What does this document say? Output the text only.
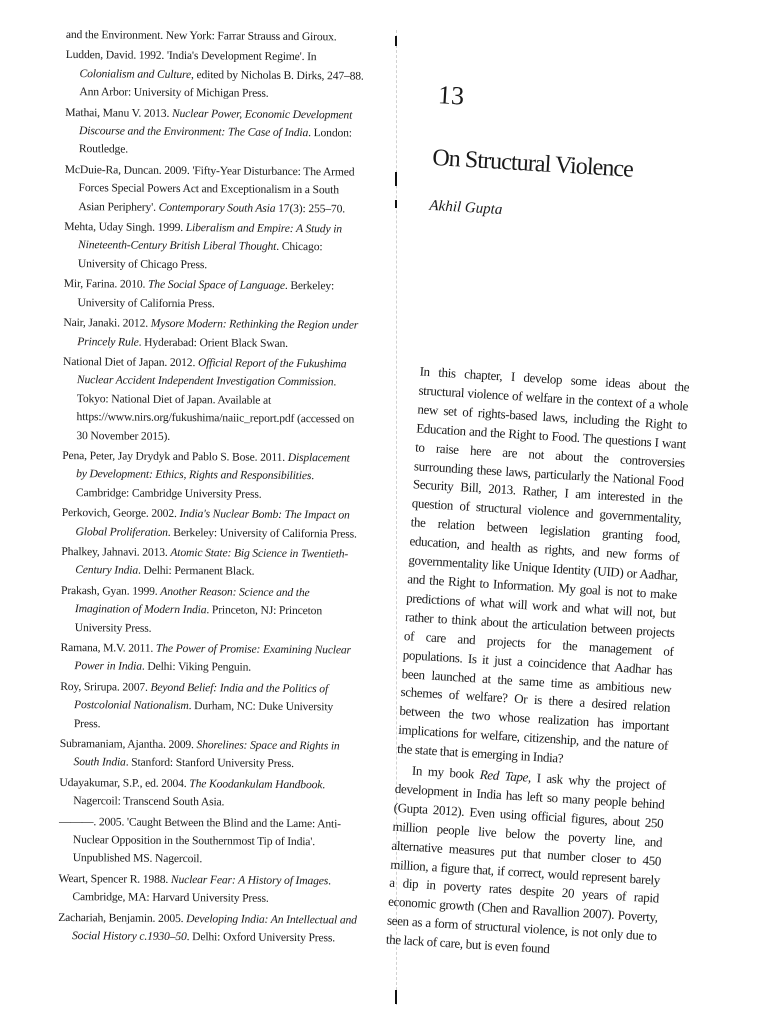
and the Environment. New York: Farrar Strauss and Giroux.

Ludden, David. 1992. 'India's Development Regime'. In Colonialism and Culture, edited by Nicholas B. Dirks, 247–88. Ann Arbor: University of Michigan Press.

Mathai, Manu V. 2013. Nuclear Power, Economic Development Discourse and the Environment: The Case of India. London: Routledge.

McDuie-Ra, Duncan. 2009. 'Fifty-Year Disturbance: The Armed Forces Special Powers Act and Exceptionalism in a South Asian Periphery'. Contemporary South Asia 17(3): 255–70.

Mehta, Uday Singh. 1999. Liberalism and Empire: A Study in Nineteenth-Century British Liberal Thought. Chicago: University of Chicago Press.

Mir, Farina. 2010. The Social Space of Language. Berkeley: University of California Press.

Nair, Janaki. 2012. Mysore Modern: Rethinking the Region under Princely Rule. Hyderabad: Orient Black Swan.

National Diet of Japan. 2012. Official Report of the Fukushima Nuclear Accident Independent Investigation Commission. Tokyo: National Diet of Japan. Available at https://www.nirs.org/fukushima/naiic_report.pdf (accessed on 30 November 2015).

Pena, Peter, Jay Drydyk and Pablo S. Bose. 2011. Displacement by Development: Ethics, Rights and Responsibilities. Cambridge: Cambridge University Press.

Perkovich, George. 2002. India's Nuclear Bomb: The Impact on Global Proliferation. Berkeley: University of California Press.

Phalkey, Jahnavi. 2013. Atomic State: Big Science in Twentieth-Century India. Delhi: Permanent Black.

Prakash, Gyan. 1999. Another Reason: Science and the Imagination of Modern India. Princeton, NJ: Princeton University Press.

Ramana, M.V. 2011. The Power of Promise: Examining Nuclear Power in India. Delhi: Viking Penguin.

Roy, Srirupa. 2007. Beyond Belief: India and the Politics of Postcolonial Nationalism. Durham, NC: Duke University Press.

Subramaniam, Ajantha. 2009. Shorelines: Space and Rights in South India. Stanford: Stanford University Press.

Udayakumar, S.P., ed. 2004. The Koodankulam Handbook. Nagercoil: Transcend South Asia.

———. 2005. 'Caught Between the Blind and the Lame: Anti-Nuclear Opposition in the Southernmost Tip of India'. Unpublished MS. Nagercoil.

Weart, Spencer R. 1988. Nuclear Fear: A History of Images. Cambridge, MA: Harvard University Press.

Zachariah, Benjamin. 2005. Developing India: An Intellectual and Social History c.1930–50. Delhi: Oxford University Press.

13
On Structural Violence
Akhil Gupta

In this chapter, I develop some ideas about the structural violence of welfare in the context of a whole new set of rights-based laws, including the Right to Education and the Right to Food. The questions I want to raise here are not about the controversies surrounding these laws, particularly the National Food Security Bill, 2013. Rather, I am interested in the question of structural violence and governmentality, the relation between legislation granting food, education, and health as rights, and new forms of governmentality like Unique Identity (UID) or Aadhar, and the Right to Information. My goal is not to make predictions of what will work and what will not, but rather to think about the articulation between projects of care and projects for the management of populations. Is it just a coincidence that Aadhar has been launched at the same time as ambitious new schemes of welfare? Or is there a desired relation between the two whose realization has important implications for welfare, citizenship, and the nature of the state that is emerging in India?

In my book Red Tape, I ask why the project of development in India has left so many people behind (Gupta 2012). Even using official figures, about 250 million people live below the poverty line, and alternative measures put that number closer to 450 million, a figure that, if correct, would represent barely a dip in poverty rates despite 20 years of rapid economic growth (Chen and Ravallion 2007). Poverty, seen as a form of structural violence, is not only due to the lack of care, but is even found
